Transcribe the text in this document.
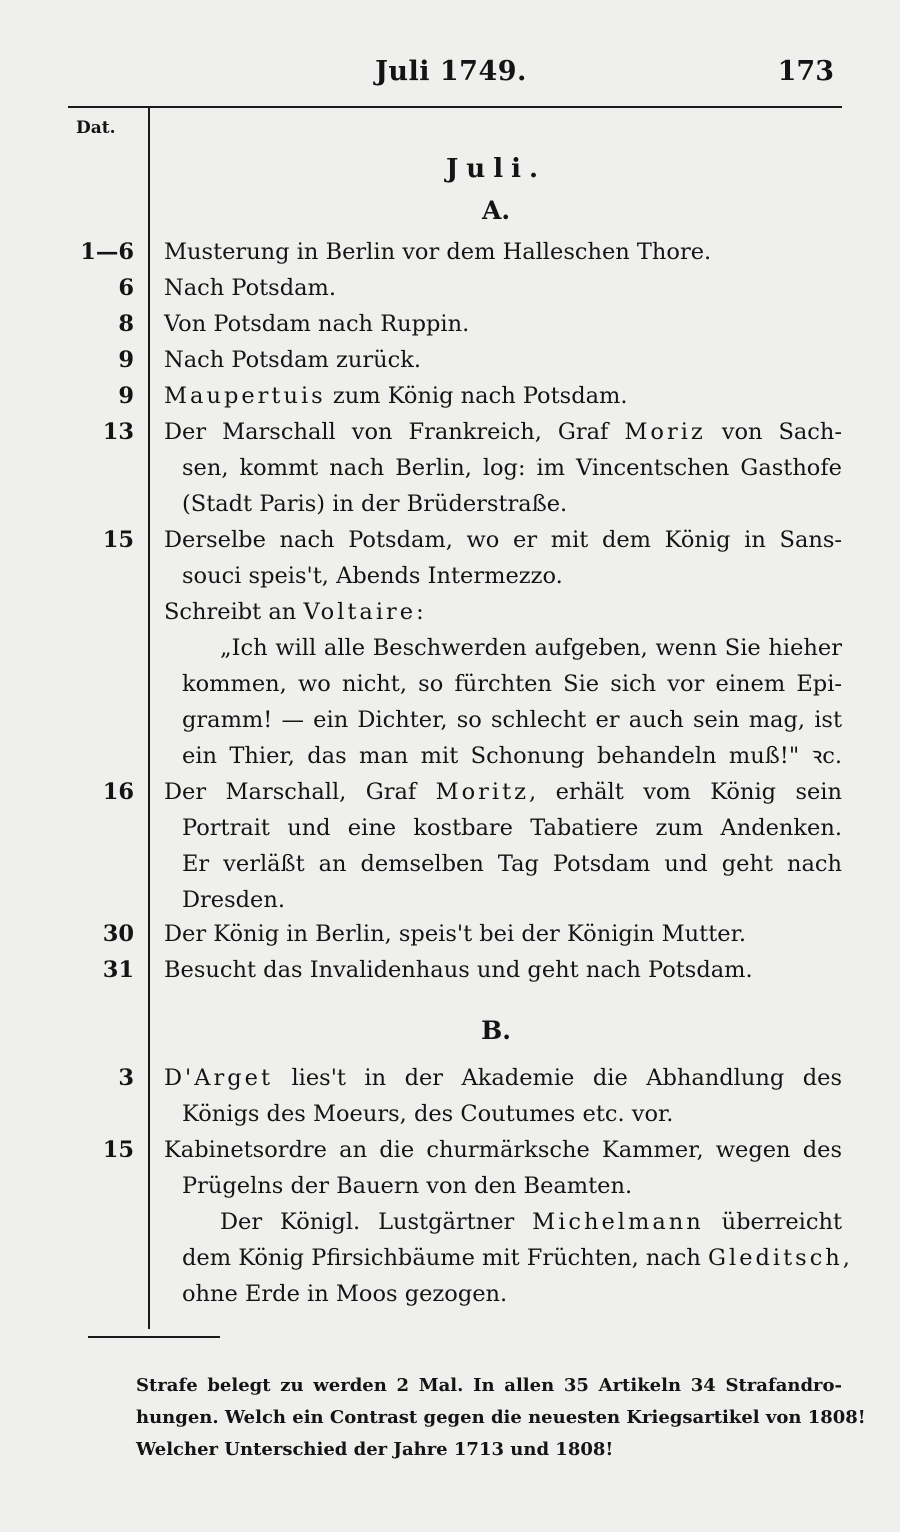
Juli 1749.	173
Dat.
Juli.
A.
1—6 Musterung in Berlin vor dem Halleschen Thore.
6 Nach Potsdam.
8 Von Potsdam nach Ruppin.
9 Nach Potsdam zurück.
9 Maupertuis zum König nach Potsdam.
13 Der Marschall von Frankreich, Graf Moriz von Sach-
sen, kommt nach Berlin, log: im Vincentschen Gasthofe
(Stadt Paris) in der Brüderstraße.
15 Derselbe nach Potsdam, wo er mit dem König in Sans-
souci speis't, Abends Intermezzo.
Schreibt an Voltaire:
„Ich will alle Beschwerden aufgeben, wenn Sie hieher
kommen, wo nicht, so fürchten Sie sich vor einem Epi-
gramm! — ein Dichter, so schlecht er auch sein mag, ist
ein Thier, das man mit Schonung behandeln muß!" ꝛc.
16 Der Marschall, Graf Moritz, erhält vom König sein
Portrait und eine kostbare Tabatiere zum Andenken.
Er verläßt an demselben Tag Potsdam und geht nach
Dresden.
30 Der König in Berlin, speis't bei der Königin Mutter.
31 Besucht das Invalidenhaus und geht nach Potsdam.
B.
3 D'Arget lies't in der Akademie die Abhandlung des
Königs des Moeurs, des Coutumes etc. vor.
15 Kabinetsordre an die churmärksche Kammer, wegen des
Prügelns der Bauern von den Beamten.
Der Königl. Lustgärtner Michelmann überreicht
dem König Pfirsichbäume mit Früchten, nach Gleditsch,
ohne Erde in Moos gezogen.
Strafe belegt zu werden 2 Mal. In allen 35 Artikeln 34 Strafandro-
hungen. Welch ein Contrast gegen die neuesten Kriegsartikel von 1808!
Welcher Unterschied der Jahre 1713 und 1808!
